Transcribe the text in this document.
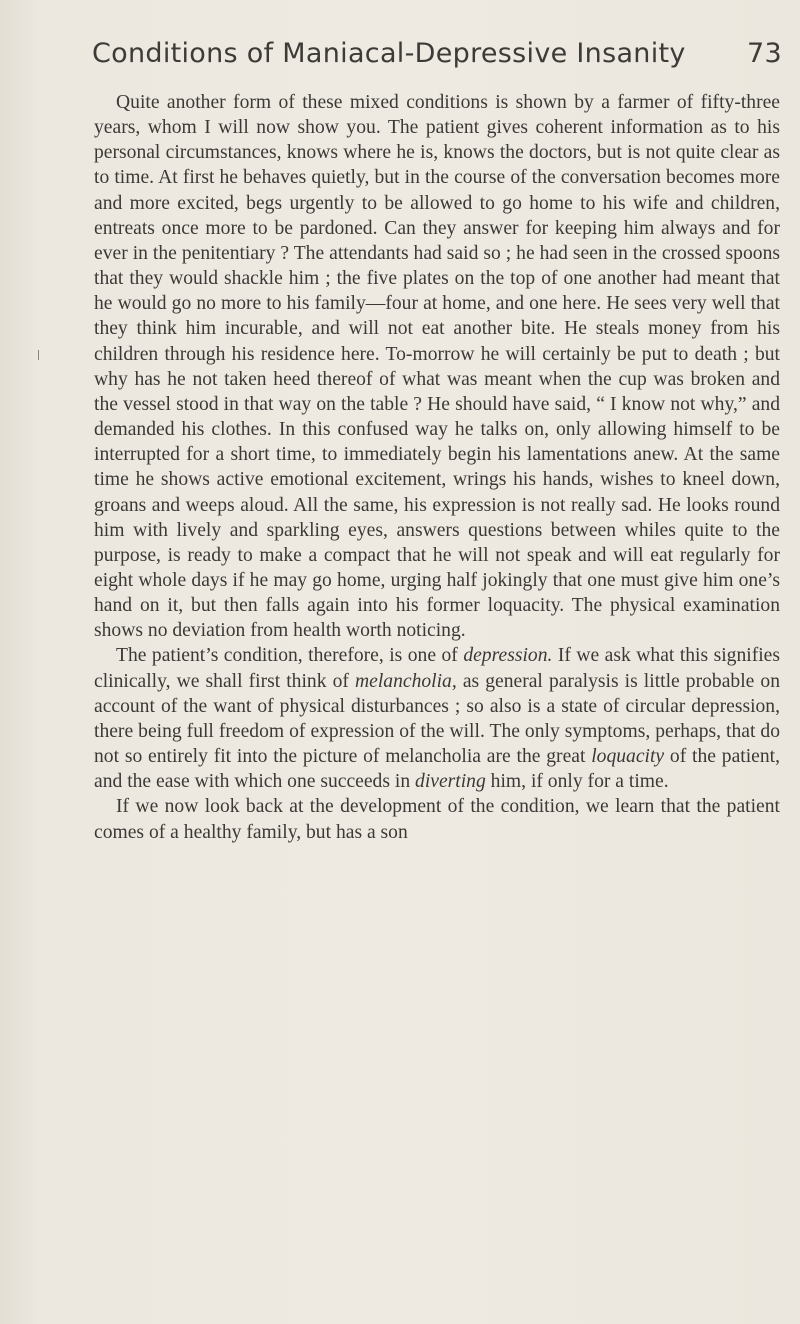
Conditions of Maniacal-Depressive Insanity 73

Quite another form of these mixed conditions is shown by a farmer of fifty-three years, whom I will now show you. The patient gives coherent information as to his personal circumstances, knows where he is, knows the doctors, but is not quite clear as to time. At first he behaves quietly, but in the course of the conversation becomes more and more excited, begs urgently to be allowed to go home to his wife and children, entreats once more to be pardoned. Can they answer for keeping him always and for ever in the penitentiary ? The attendants had said so ; he had seen in the crossed spoons that they would shackle him ; the five plates on the top of one another had meant that he would go no more to his family—four at home, and one here. He sees very well that they think him incurable, and will not eat another bite. He steals money from his children through his residence here. To-morrow he will certainly be put to death ; but why has he not taken heed thereof of what was meant when the cup was broken and the vessel stood in that way on the table ? He should have said, “ I know not why,” and demanded his clothes. In this confused way he talks on, only allowing himself to be interrupted for a short time, to immediately begin his lamentations anew. At the same time he shows active emotional excitement, wrings his hands, wishes to kneel down, groans and weeps aloud. All the same, his expression is not really sad. He looks round him with lively and sparkling eyes, answers questions between whiles quite to the purpose, is ready to make a compact that he will not speak and will eat regularly for eight whole days if he may go home, urging half jokingly that one must give him one’s hand on it, but then falls again into his former loquacity. The physical examination shows no deviation from health worth noticing.

The patient’s condition, therefore, is one of depression. If we ask what this signifies clinically, we shall first think of melancholia, as general paralysis is little probable on account of the want of physical disturbances ; so also is a state of circular depression, there being full freedom of expression of the will. The only symptoms, perhaps, that do not so entirely fit into the picture of melancholia are the great loquacity of the patient, and the ease with which one succeeds in diverting him, if only for a time.

If we now look back at the development of the condition, we learn that the patient comes of a healthy family, but has a son
